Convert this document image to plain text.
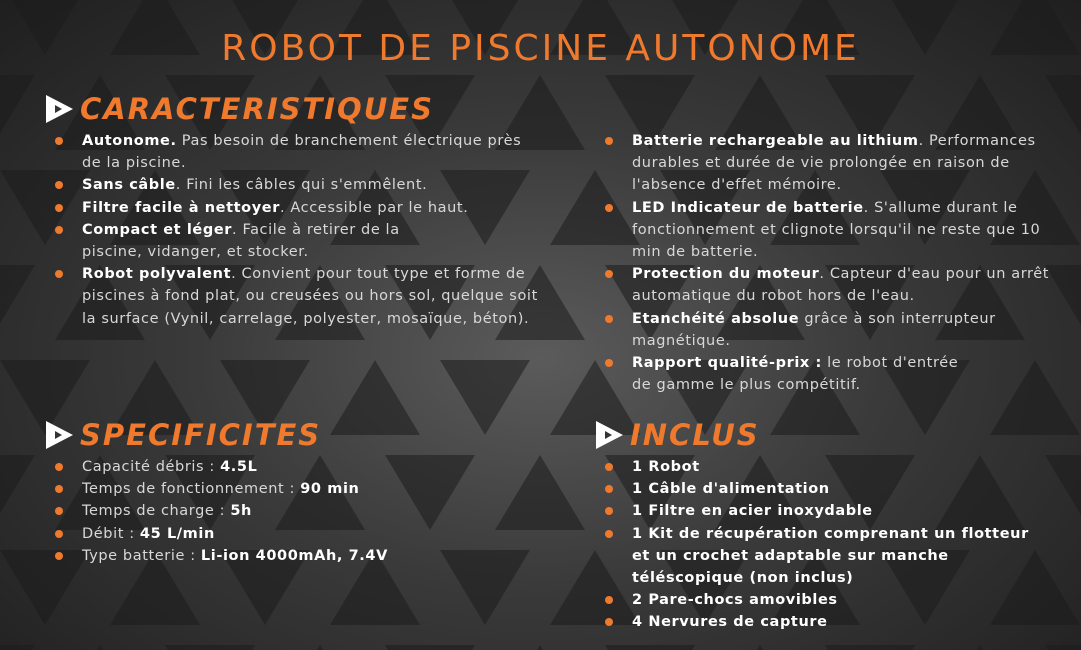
ROBOT DE PISCINE AUTONOME
CARACTERISTIQUES
Autonome. Pas besoin de branchement électrique près de la piscine.
Sans câble. Fini les câbles qui s'emmêlent.
Filtre facile à nettoyer. Accessible par le haut.
Compact et léger. Facile à retirer de la piscine, vidanger, et stocker.
Robot polyvalent. Convient pour tout type et forme de piscines à fond plat, ou creusées ou hors sol, quelque soit la surface (Vynil, carrelage, polyester, mosaïque, béton).
Batterie rechargeable au lithium. Performances durables et durée de vie prolongée en raison de l'absence d'effet mémoire.
LED Indicateur de batterie. S'allume durant le fonctionnement et clignote lorsqu'il ne reste que 10 min de batterie.
Protection du moteur. Capteur d'eau pour un arrêt automatique du robot hors de l'eau.
Etanchéité absolue grâce à son interrupteur magnétique.
Rapport qualité-prix : le robot d'entrée de gamme le plus compétitif.
SPECIFICITES
Capacité débris : 4.5L
Temps de fonctionnement : 90 min
Temps de charge : 5h
Débit : 45 L/min
Type batterie : Li-ion 4000mAh, 7.4V
INCLUS
1 Robot
1 Câble d'alimentation
1 Filtre en acier inoxydable
1 Kit de récupération comprenant un flotteur et un crochet adaptable sur manche téléscopique (non inclus)
2 Pare-chocs amovibles
4 Nervures de capture
